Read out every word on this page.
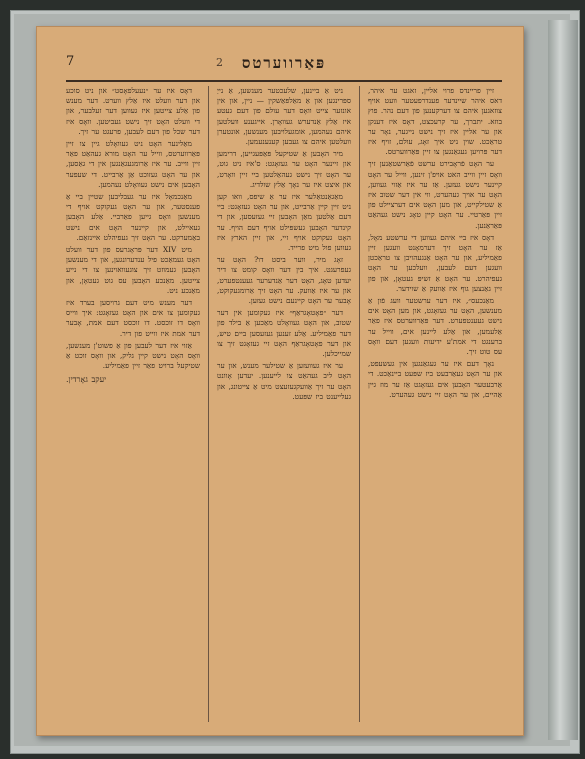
7	2	פּאַרווערטס

זיין פריינדס פרוי אליין, זאגט ער איהר, דאס איהר שיינדער פענדרפעטער וועט אויף צוזאגען איהם צו דערקענען פון דעם נהר. פוץ בוזא. יתברך, ער קרעכצט, דאָס איז דענקן און ער אליין איז זיך נישט נייגער, נאָר ער טראַכט. שוין ניט איך זאָג, עולם, זויף איז דער פּרויען געגאַנגען צו זיין פּאַרווערטס.

ער האָט פֿראָבירט ערשט פֿאַרשטאַנען זיך וואָס זיין ווייב האט אויפ'ן זינען, ווייל ער האָט קיינער נישט געזען. אַז ער איז אַזוי געווען, האָט ער אויך געהערט, ווי אין דער שטוב איז אַ שטילקייט, און מען האָט אים דערציילט פון זיין פּאַרטיי. ער האָט קיין טאָג נישט געהאַט פּאַראַנען.

דאָס איז ביי איהם געווען די ערשטע מאָל, אַז ער האָט זיך דערמאָנט וועגען זיין פאַמיליע, און ער האָט אַנגעהויבן צו טראַכטן וועגען דעם לעבען, וועלכען ער האָט געפיהרט. ער האָט אַ זשיפּ געטאָן, און פון זיין גאַנצען גוף איז אַוועק אַ שוידער.

מאַנכעס״, איז דער ערשטער וועג פֿון אַ מענשען, האָט ער געזאָגט, און מען האָט אים נישט געענטפערט. דער פּאַרווערטס איז פאַר אַלעמען, און אַלע ליינען אים, ווייל ער ברענגט די אמת'ע ידיעות וועגען דעם וואָס עס טוט זיך.

נאָך דעם איז ער געגאַנגען אין געשעפט, און ער האָט געאַרבעט ביז שפּעט ביינאַכט. די אַרבעטער האָבען אים געזאָגט אַז ער מוז גיין אַהיים, און ער האָט זיי נישט געהערט.

ניט אַ ביינען, שלעכטער מענשען, אַ נייַ ספּרינגען און אַ מאַלפּאַשקין — ניין, און אין אונזער צייט וואָס דער עולם פון דעם געטע איז אַלץ אַנדערש געוואָרן. אייגענע וועלטען איהם נעהמען, אומגעלויבען מענשען, אונטערן וועלטען איהם צו געבען קענענעמען.

מיר האָבען אַ שטיקעל פּאַפּעגייען, דרימען און זיינער האָט ער געזאָגט: ס'איז ניט גוט, ער האָט זיך נישט געהאַלטען ביי זיין וואָרט, און איצט איז ער נאָך אַלץ שולדיג.

מאַגאַנטאַלער איז ער אַ שיפס, וואו קען ניט זיין קיין אַרבייט, און ער האָט געזאָגט: ביי דעם אַלטען מאַן האָבען זיי געזעסען, און די קינדער האָבען געשפּילט אויף דעם הויף. ער האָט געקוקט אויף זיי, און זיין הארץ איז געווען פול מיט פרייד.

זאָג מיר, ווער ביסט דו? האָט ער געפרעגט. איך בין דער וואָס קומט צו דיר יעדען טאָג, האָט דער אַנדערער געענטפערט, און ער איז אַוועק. ער האָט זיך אַרומגעקוקט, אָבער ער האָט קיינעם נישט געזען.

דער ״פאָטאָגראַף״ איז געקומען אין דער שטוב, און האָט געוואָלט מאַכען אַ בילד פון דער פאַמיליע. אַלע זענען געזעסען ביים טיש, און דער פאָטאָגראַף האָט זיי געזאָגט זיך צו שמייכלען.

ער איז געוועזען אַ שטילער מענש, און ער האָט ליב געהאַט צו לייענען. יעדען אָוונט האָט ער זיך אַוועקגעזעצט מיט אַ צייטונג, און געלייענט ביז שפּעט.

דאָס איז ער ״נעעלפאָסט״ און ניט סוכע און דער וועלט איז אַלץ ווערט. דער מענש פון אַלע צייטען איז געווען דער זעלבער, און די וועלט האָט זיך נישט געביטען. וואָס איז דער שכל פון דעם לעבען, פרעגט ער זיך.

מאַלינער האָט ניט געוואָלט גיין צו זיין פּאַרווערטס, ווייל ער האָט מורא געהאַט פאַר זיין ווייב. ער איז אַרומגעגאַנגען אין די גאַסען, און ער האָט געזוכט אַן אַרבייט. די שעפער האָבען אים נישט געוואָלט נעהמען.

מאַנכמאָל איז ער געבליבען שטיין ביי אַ פענסטער, און ער האָט געקוקט אויף די מענשען וואָס גייען פאַרביי. אַלע האָבען געאיילט, און קיינער האָט אים נישט באַמערקט. ער האָט זיך געפיהלט איינזאַם.

מיט XIV דער פּראָגרעס פון דער וועלט האָט געמאַכט פיל ענדערונגען, און די מענשען האָבען געמוזט זיך צוגעוואוינען צו די נייע צייטען. מאַנכע האָבען עס גוט געטאָן, און מאַנכע ניט.

דער מענש מיט דעם גרויסען בערד איז געקומען צו אים און האָט געזאָגט: איך ווייס וואָס דו זוכסט. דו זוכסט דעם אמת, אָבער דער אמת איז ווייט פון דיר.

אַזוי איז דער לעבען פון אַ פשוט'ן מענשען, וואָס האָט נישט קיין גליק, און וואָס זוכט אַ שטיקעל ברויט פאַר זיין פאַמיליע.

יעקב גאָרדין.
